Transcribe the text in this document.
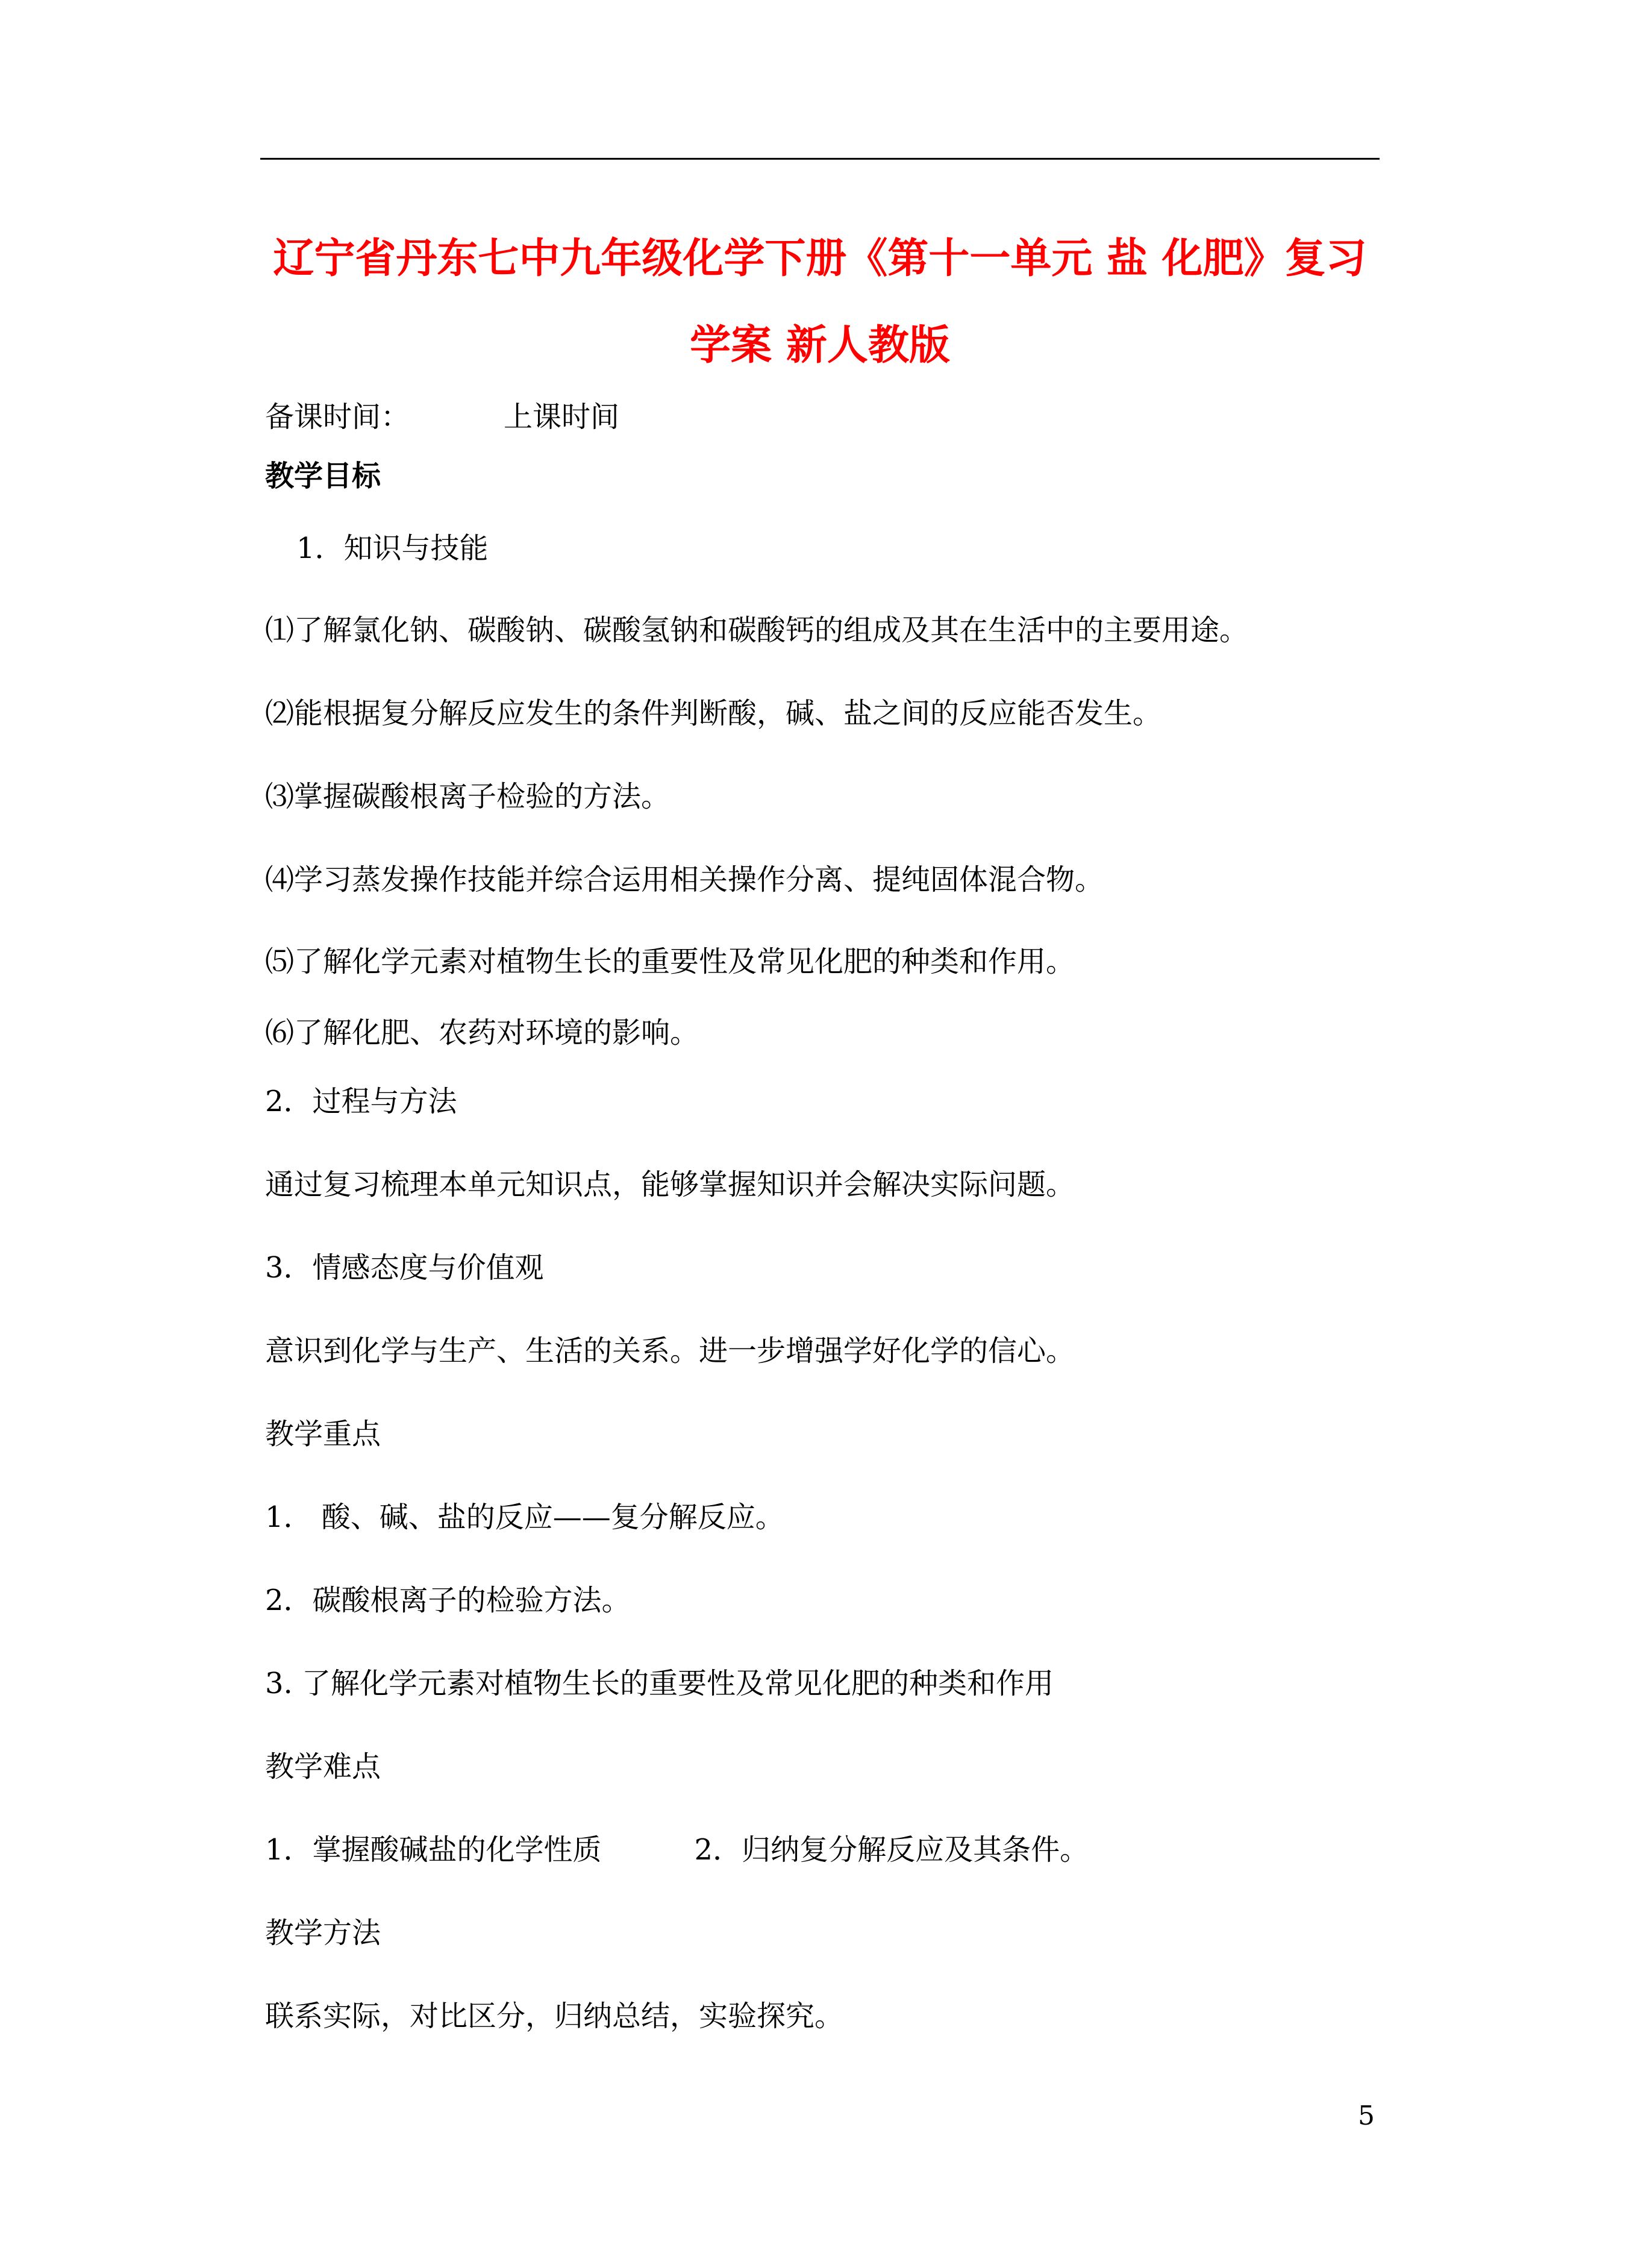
辽宁省丹东七中九年级化学下册《第十一单元 盐 化肥》复习
学案 新人教版
备课时间：	上课时间
教学目标
1．知识与技能
⑴了解氯化钠、碳酸钠、碳酸氢钠和碳酸钙的组成及其在生活中的主要用途。
⑵能根据复分解反应发生的条件判断酸，碱、盐之间的反应能否发生。
⑶掌握碳酸根离子检验的方法。
⑷学习蒸发操作技能并综合运用相关操作分离、提纯固体混合物。
⑸了解化学元素对植物生长的重要性及常见化肥的种类和作用。
⑹了解化肥、农药对环境的影响。
2．过程与方法
通过复习梳理本单元知识点，能够掌握知识并会解决实际问题。
3．情感态度与价值观
意识到化学与生产、生活的关系。进一步增强学好化学的信心。
教学重点
1． 酸、碱、盐的反应——复分解反应。
2．碳酸根离子的检验方法。
3. 了解化学元素对植物生长的重要性及常见化肥的种类和作用
教学难点
1．掌握酸碱盐的化学性质	2．归纳复分解反应及其条件。
教学方法
联系实际，对比区分，归纳总结，实验探究。
5
